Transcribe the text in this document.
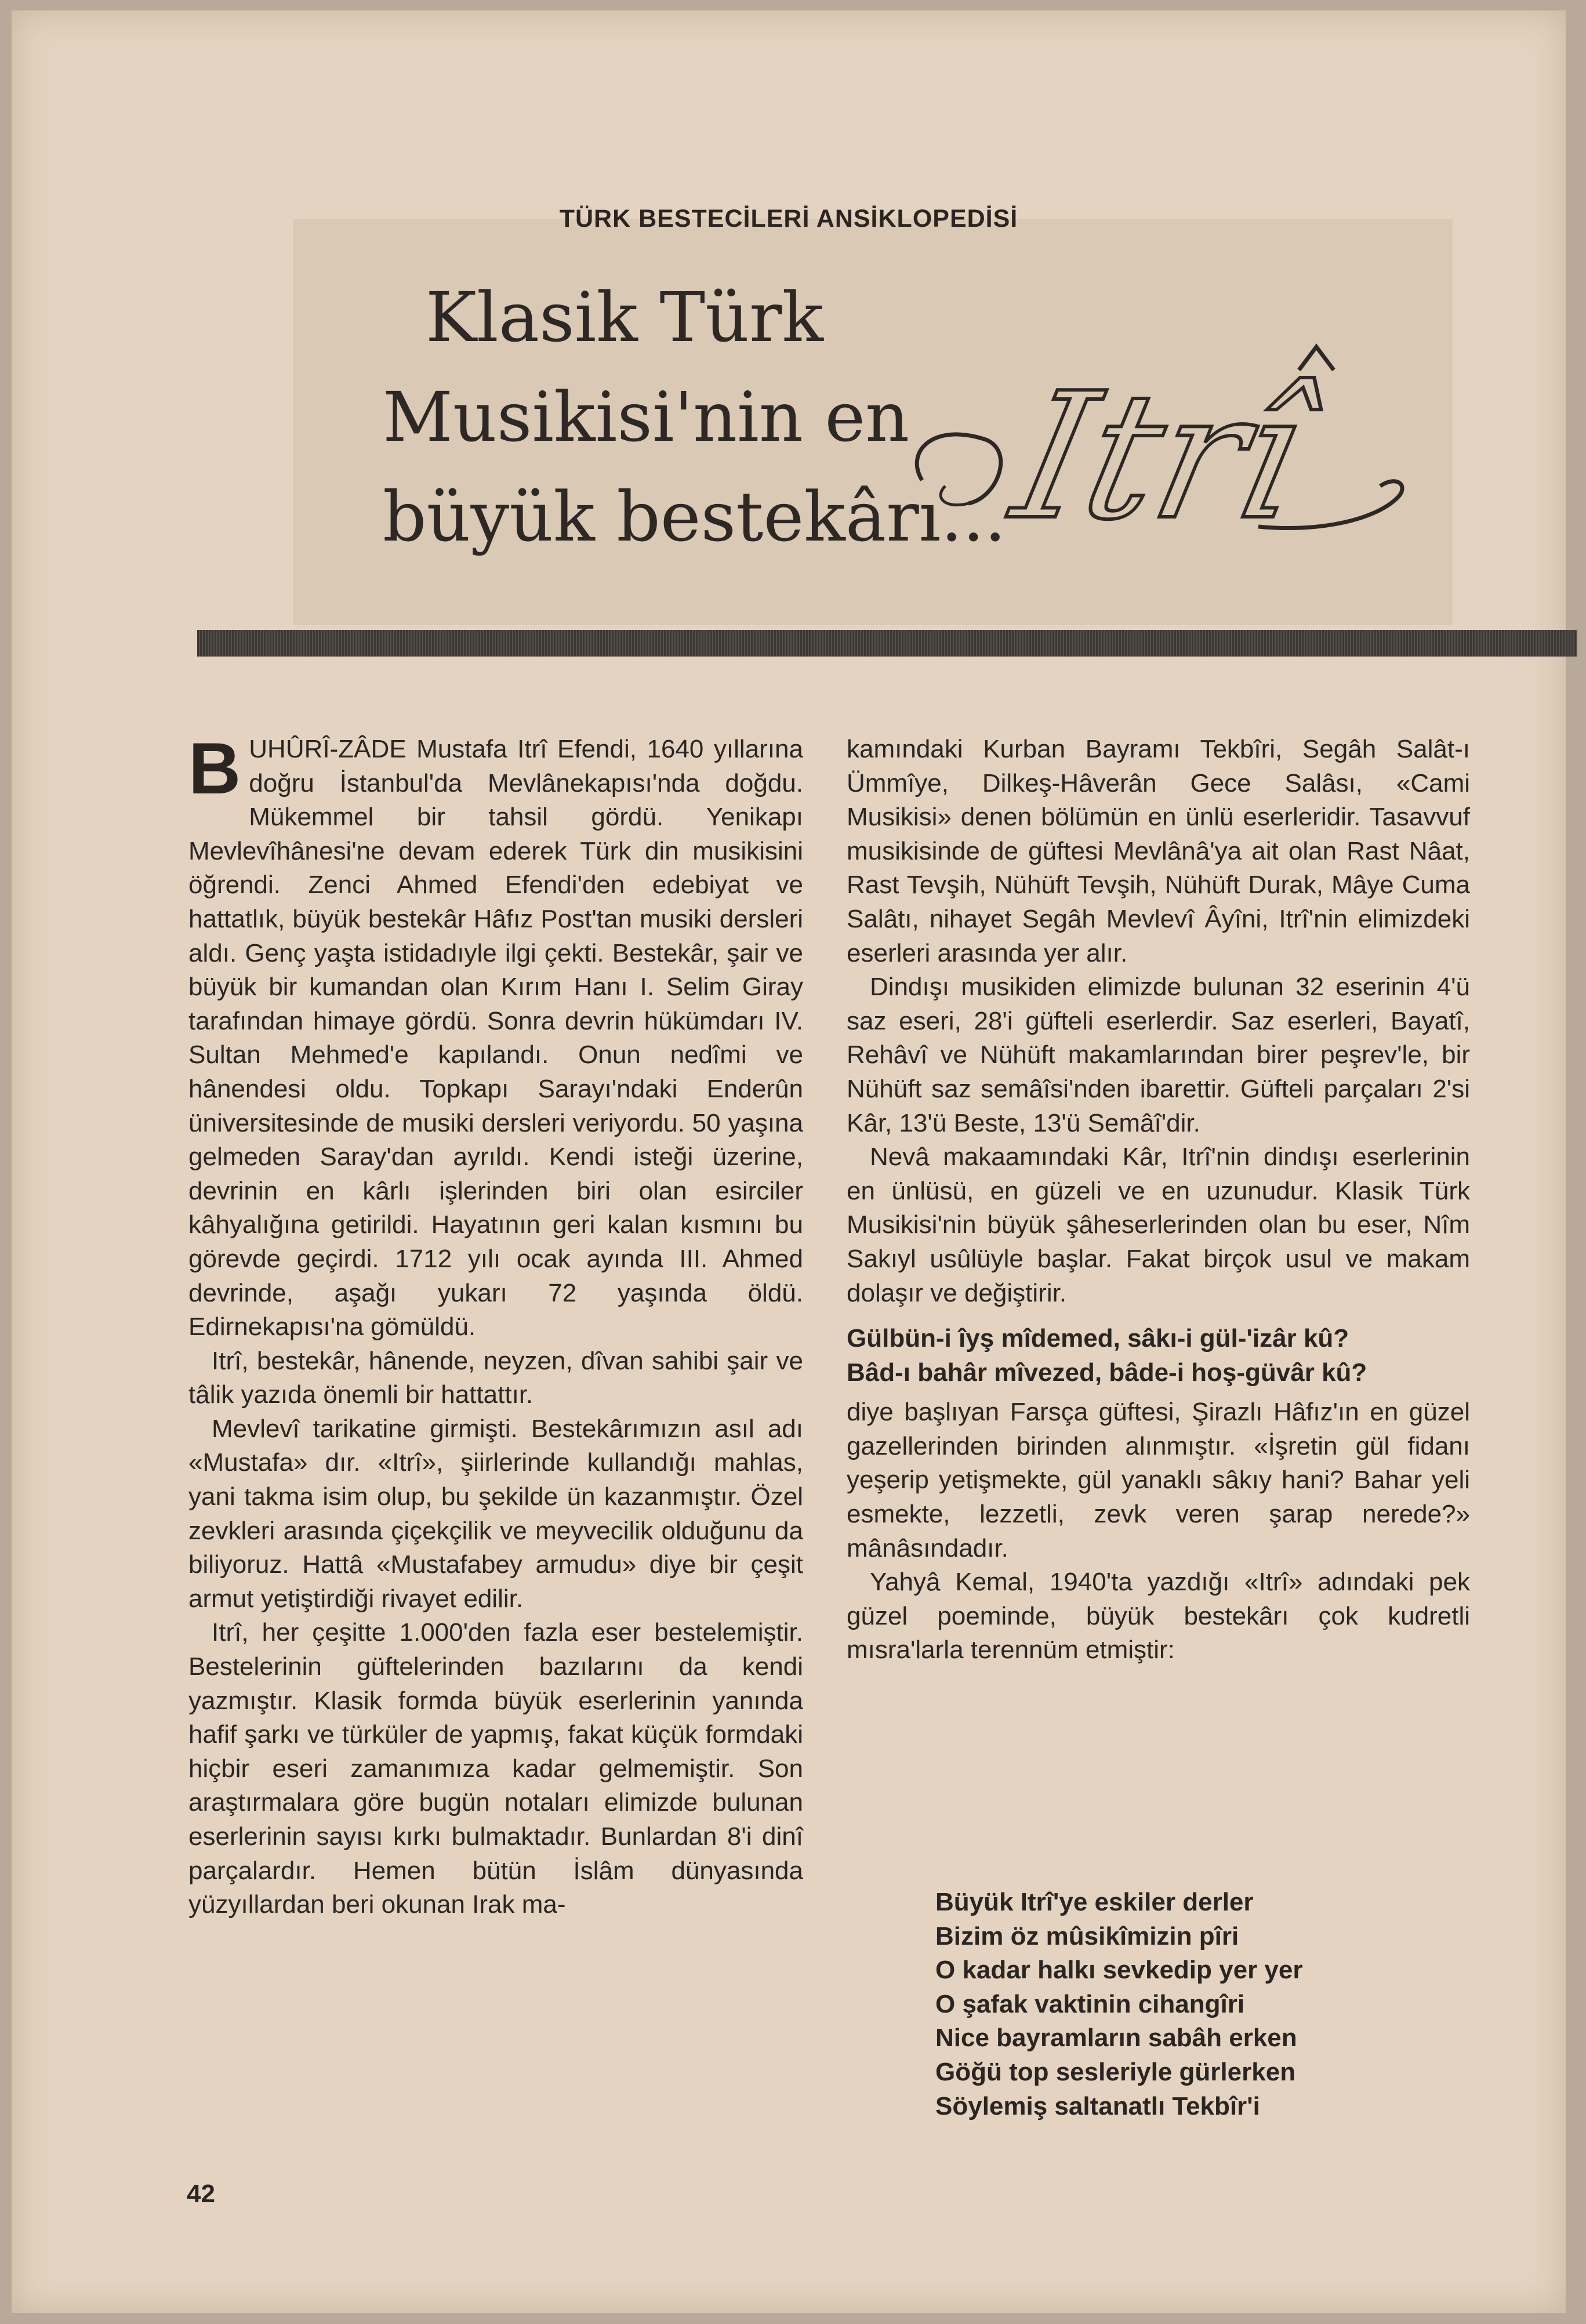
TÜRK BESTECİLERİ ANSİKLOPEDİSİ
Klasik Türk
Musikisi'nin en
büyük bestekârı...
Itrî
B UHÛRÎ-ZÂDE Mustafa Itrî Efendi, 1640 yıllarına doğru İstanbul'da Mevlânekapısı'nda doğdu. Mükemmel bir tahsil gördü. Yenikapı Mevlevîhânesi'ne devam ederek Türk din musikisini öğrendi. Zenci Ahmed Efendi'den edebiyat ve hattatlık, büyük bestekâr Hâfız Post'tan musiki dersleri aldı. Genç yaşta istidadıyle ilgi çekti. Bestekâr, şair ve büyük bir kumandan olan Kırım Hanı I. Selim Giray tarafından himaye gördü. Sonra devrin hükümdarı IV. Sultan Mehmed'e kapılandı. Onun nedîmi ve hânendesi oldu. Topkapı Sarayı'ndaki Enderûn üniversitesinde de musiki dersleri veriyordu. 50 yaşına gelmeden Saray'dan ayrıldı. Kendi isteği üzerine, devrinin en kârlı işlerinden biri olan esirciler kâhyalığına getirildi. Hayatının geri kalan kısmını bu görevde geçirdi. 1712 yılı ocak ayında III. Ahmed devrinde, aşağı yukarı 72 yaşında öldü. Edirnekapısı'na gömüldü.

Itrî, bestekâr, hânende, neyzen, dîvan sahibi şair ve tâlik yazıda önemli bir hattattır.

Mevlevî tarikatine girmişti. Bestekârımızın asıl adı «Mustafa» dır. «Itrî», şiirlerinde kullandığı mahlas, yani takma isim olup, bu şekilde ün kazanmıştır. Özel zevkleri arasında çiçekçilik ve meyvecilik olduğunu da biliyoruz. Hattâ «Mustafabey armudu» diye bir çeşit armut yetiştirdiği rivayet edilir.

Itrî, her çeşitte 1.000'den fazla eser bestelemiştir. Bestelerinin güftelerinden bazılarını da kendi yazmıştır. Klasik formda büyük eserlerinin yanında hafif şarkı ve türküler de yapmış, fakat küçük formdaki hiçbir eseri zamanımıza kadar gelmemiştir. Son araştırmalara göre bugün notaları elimizde bulunan eserlerinin sayısı kırkı bulmaktadır. Bunlardan 8'i dinî parçalardır. Hemen bütün İslâm dünyasında yüzyıllardan beri okunan Irak ma-

kamındaki Kurban Bayramı Tekbîri, Segâh Salât-ı Ümmîye, Dilkeş-Hâverân Gece Salâsı, «Cami Musikisi» denen bölümün en ünlü eserleridir. Tasavvuf musikisinde de güftesi Mevlânâ'ya ait olan Rast Nâat, Rast Tevşih, Nühüft Tevşih, Nühüft Durak, Mâye Cuma Salâtı, nihayet Segâh Mevlevî Âyîni, Itrî'nin elimizdeki eserleri arasında yer alır.

Dindışı musikiden elimizde bulunan 32 eserinin 4'ü saz eseri, 28'i güfteli eserlerdir. Saz eserleri, Bayatî, Rehâvî ve Nühüft makamlarından birer peşrev'le, bir Nühüft saz semâîsi'nden ibarettir. Güfteli parçaları 2'si Kâr, 13'ü Beste, 13'ü Semâî'dir.

Nevâ makaamındaki Kâr, Itrî'nin dindışı eserlerinin en ünlüsü, en güzeli ve en uzunudur. Klasik Türk Musikisi'nin büyük şâheserlerinden olan bu eser, Nîm Sakıyl usûlüyle başlar. Fakat birçok usul ve makam dolaşır ve değiştirir.

Gülbün-i îyş mîdemed, sâkı-i gül-'izâr kû?
Bâd-ı bahâr mîvezed, bâde-i hoş-güvâr kû?

diye başlıyan Farsça güftesi, Şirazlı Hâfız'ın en güzel gazellerinden birinden alınmıştır. «İşretin gül fidanı yeşerip yetişmekte, gül yanaklı sâkıy hani? Bahar yeli esmekte, lezzetli, zevk veren şarap nerede?» mânâsındadır.

Yahyâ Kemal, 1940'ta yazdığı «Itrî» adındaki pek güzel poeminde, büyük bestekârı çok kudretli mısra'larla terennüm etmiştir:

Büyük Itrî'ye eskiler derler
Bizim öz mûsikîmizin pîri
O kadar halkı sevkedip yer yer
O şafak vaktinin cihangîri
Nice bayramların sabâh erken
Göğü top sesleriyle gürlerken
Söylemiş saltanatlı Tekbîr'i
42
